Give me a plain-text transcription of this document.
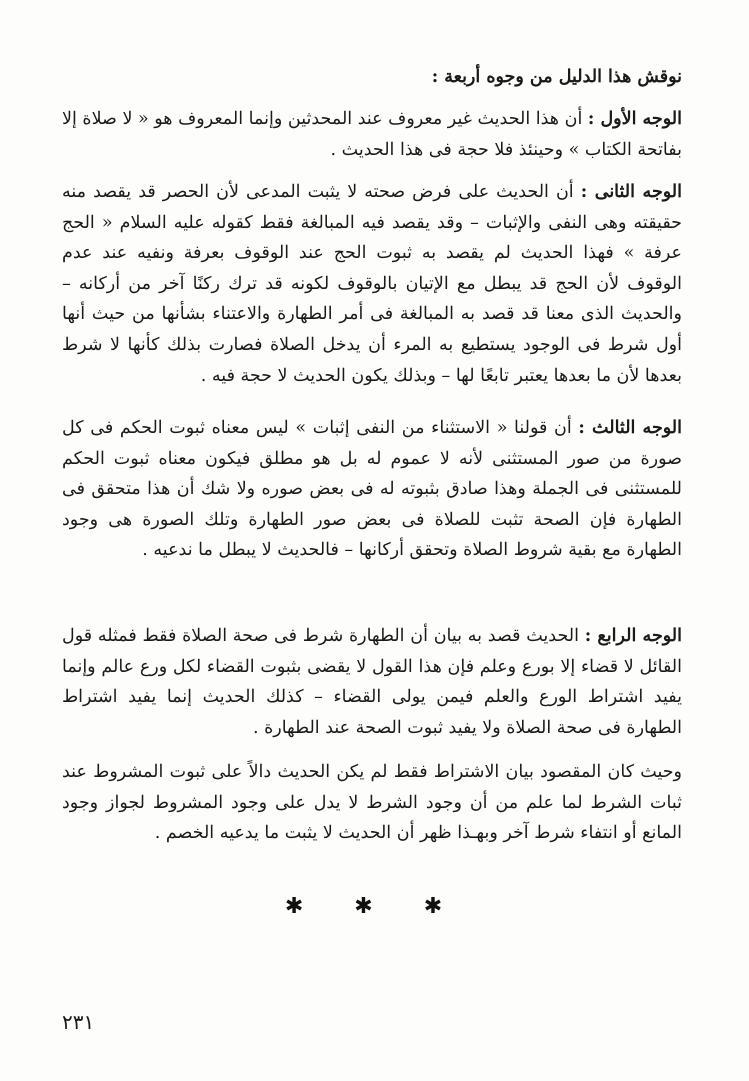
نوقش هذا الدليل من وجوه أربعة :

الوجه الأول : أن هذا الحديث غير معروف عند المحدثين وإنما المعروف هو « لا صلاة إلا بفاتحة الكتاب » وحينئذ فلا حجة فى هذا الحديث .

الوجه الثانى : أن الحديث على فرض صحته لا يثبت المدعى لأن الحصر قد يقصد منه حقيقته وهى النفى والإثبات – وقد يقصد فيه المبالغة فقط كقوله عليه السلام « الحج عرفة » فهذا الحديث لم يقصد به ثبوت الحج عند الوقوف بعرفة ونفيه عند عدم الوقوف لأن الحج قد يبطل مع الإتيان بالوقوف لكونه قد ترك ركنًا آخر من أركانه – والحديث الذى معنا قد قصد به المبالغة فى أمر الطهارة والاعتناء بشأنها من حيث أنها أول شرط فى الوجود يستطيع به المرء أن يدخل الصلاة فصارت بذلك كأنها لا شرط بعدها لأن ما بعدها يعتبر تابعًا لها – وبذلك يكون الحديث لا حجة فيه .

الوجه الثالث : أن قولنا « الاستثناء من النفى إثبات » ليس معناه ثبوت الحكم فى كل صورة من صور المستثنى لأنه لا عموم له بل هو مطلق فيكون معناه ثبوت الحكم للمستثنى فى الجملة وهذا صادق بثبوته له فى بعض صوره ولا شك أن هذا متحقق فى الطهارة فإن الصحة تثبت للصلاة فى بعض صور الطهارة وتلك الصورة هى وجود الطهارة مع بقية شروط الصلاة وتحقق أركانها – فالحديث لا يبطل ما ندعيه .

الوجه الرابع : الحديث قصد به بيان أن الطهارة شرط فى صحة الصلاة فقط فمثله قول القائل لا قضاء إلا بورع وعلم فإن هذا القول لا يقضى بثبوت القضاء لكل ورع عالم وإنما يفيد اشتراط الورع والعلم فيمن يولى القضاء – كذلك الحديث إنما يفيد اشتراط الطهارة فى صحة الصلاة ولا يفيد ثبوت الصحة عند الطهارة .

وحيث كان المقصود بيان الاشتراط فقط لم يكن الحديث دالاً على ثبوت المشروط عند ثبات الشرط لما علم من أن وجود الشرط لا يدل على وجود المشروط لجواز وجود المانع أو انتفاء شرط آخر وبهـذا ظهر أن الحديث لا يثبت ما يدعيه الخصم .

✱ ✱ ✱
٢٣١
